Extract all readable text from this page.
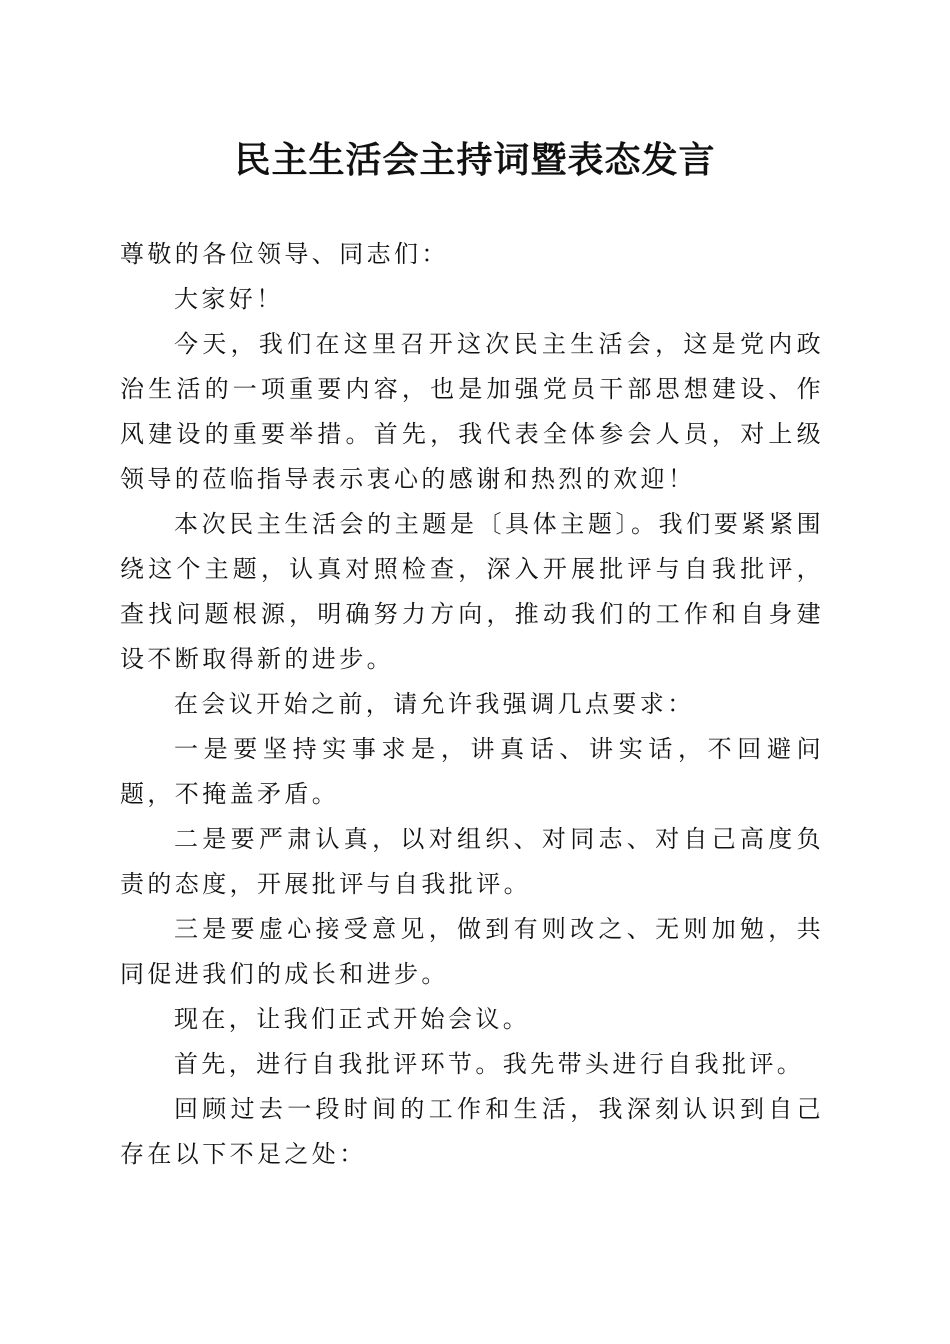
民主生活会主持词暨表态发言

尊敬的各位领导、同志们：

大家好！

今天，我们在这里召开这次民主生活会，这是党内政治生活的一项重要内容，也是加强党员干部思想建设、作风建设的重要举措。首先，我代表全体参会人员，对上级领导的莅临指导表示衷心的感谢和热烈的欢迎！

本次民主生活会的主题是〔具体主题〕。我们要紧紧围绕这个主题，认真对照检查，深入开展批评与自我批评，查找问题根源，明确努力方向，推动我们的工作和自身建设不断取得新的进步。

在会议开始之前，请允许我强调几点要求：

一是要坚持实事求是，讲真话、讲实话，不回避问题，不掩盖矛盾。

二是要严肃认真，以对组织、对同志、对自己高度负责的态度，开展批评与自我批评。

三是要虚心接受意见，做到有则改之、无则加勉，共同促进我们的成长和进步。

现在，让我们正式开始会议。

首先，进行自我批评环节。我先带头进行自我批评。

回顾过去一段时间的工作和生活，我深刻认识到自己存在以下不足之处：
